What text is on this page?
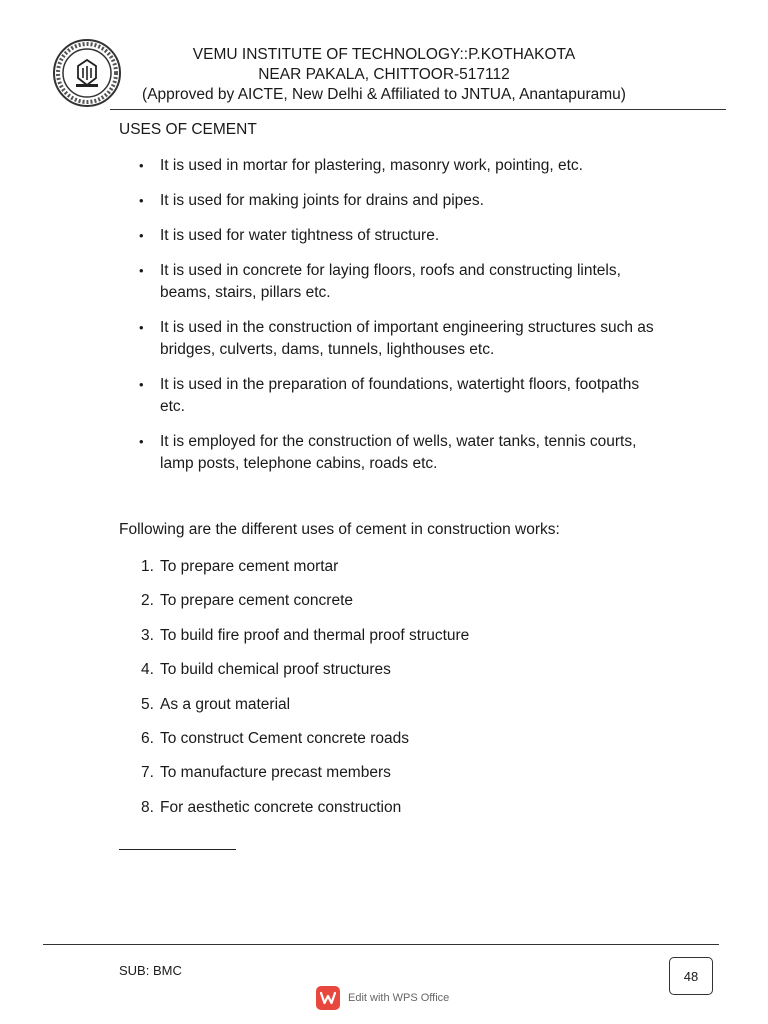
VEMU INSTITUTE OF TECHNOLOGY::P.KOTHAKOTA
NEAR PAKALA, CHITTOOR-517112
(Approved by AICTE, New Delhi & Affiliated to JNTUA, Anantapuramu)
USES OF CEMENT
• It is used in mortar for plastering, masonry work, pointing, etc.
• It is used for making joints for drains and pipes.
• It is used for water tightness of structure.
• It is used in concrete for laying floors, roofs and constructing lintels, beams, stairs, pillars etc.
• It is used in the construction of important engineering structures such as bridges, culverts, dams, tunnels, lighthouses etc.
• It is used in the preparation of foundations, watertight floors, footpaths etc.
• It is employed for the construction of wells, water tanks, tennis courts, lamp posts, telephone cabins, roads etc.
Following are the different uses of cement in construction works:
1. To prepare cement mortar
2. To prepare cement concrete
3. To build fire proof and thermal proof structure
4. To build chemical proof structures
5. As a grout material
6. To construct Cement concrete roads
7. To manufacture precast members
8. For aesthetic concrete construction
SUB: BMC	48
Edit with WPS Office
